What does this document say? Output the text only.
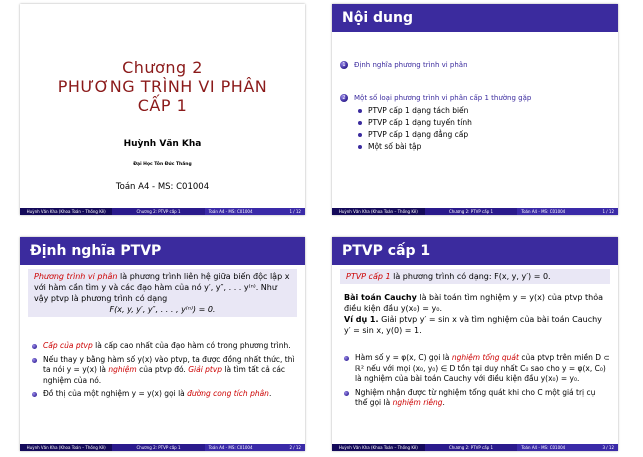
Chương 2
PHƯƠNG TRÌNH VI PHÂN
CẤP 1
Huỳnh Văn Kha
Đại Học Tôn Đức Thắng
Toán A4 - MS: C01004
Huỳnh Văn Kha (Khoa Toán – Thống Kê)	Chương 2: PTVP cấp 1	Toán A4 - MS: C01004	1 / 12
Nội dung
1	Định nghĩa phương trình vi phân
2	Một số loại phương trình vi phân cấp 1 thường gặp
PTVP cấp 1 dạng tách biến
PTVP cấp 1 dạng tuyến tính
PTVP cấp 1 dạng đẳng cấp
Một số bài tập
Huỳnh Văn Kha (Khoa Toán – Thống Kê)	Chương 2: PTVP cấp 1	Toán A4 - MS: C01004	1 / 12
Định nghĩa PTVP
Phương trình vi phân là phương trình liên hệ giữa biến độc lập x với hàm cần tìm y và các đạo hàm của nó y′, y″, . . . y⁽ⁿ⁾. Như vậy ptvp là phương trình có dạng
F(x, y, y′, y″, . . . , y⁽ⁿ⁾) = 0.
Cấp của ptvp là cấp cao nhất của đạo hàm có trong phương trình.
Nếu thay y bằng hàm số y(x) vào ptvp, ta được đồng nhất thức, thì ta nói y = y(x) là nghiệm của ptvp đó. Giải ptvp là tìm tất cả các nghiệm của nó.
Đồ thị của một nghiệm y = y(x) gọi là đường cong tích phân.
Huỳnh Văn Kha (Khoa Toán – Thống Kê)	Chương 2: PTVP cấp 1	Toán A4 - MS: C01004	2 / 12
PTVP cấp 1
PTVP cấp 1 là phương trình có dạng: F(x, y, y′) = 0.
Bài toán Cauchy là bài toán tìm nghiệm y = y(x) của ptvp thỏa điều kiện đầu y(x₀) = y₀.
Ví dụ 1. Giải ptvp y′ = sin x và tìm nghiệm của bài toán Cauchy y′ = sin x, y(0) = 1.
Hàm số y = φ(x, C) gọi là nghiệm tổng quát của ptvp trên miền D ⊂ ℝ² nếu với mọi (x₀, y₀) ∈ D tồn tại duy nhất C₀ sao cho y = φ(x, C₀) là nghiệm của bài toán Cauchy với điều kiện đầu y(x₀) = y₀.
Nghiệm nhận được từ nghiệm tổng quát khi cho C một giá trị cụ thể gọi là nghiệm riêng.
Huỳnh Văn Kha (Khoa Toán – Thống Kê)	Chương 2: PTVP cấp 1	Toán A4 - MS: C01004	3 / 12
